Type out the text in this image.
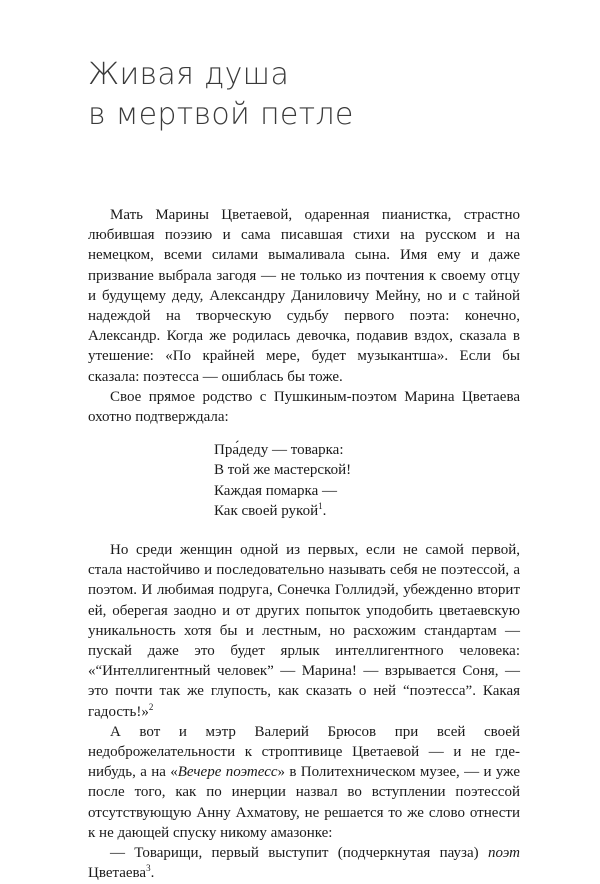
Живая душа
в мертвой петле

Мать Марины Цветаевой, одаренная пианистка, страстно любившая поэзию и сама писавшая стихи на русском и на немецком, всеми силами вымаливала сына. Имя ему и даже призвание выбрала загодя — не только из почтения к своему отцу и будущему деду, Александру Даниловичу Мейну, но и с тайной надеждой на творческую судьбу первого поэта: конечно, Александр. Когда же родилась девочка, подавив вздох, сказала в утешение: «По крайней мере, будет музыкантша». Если бы сказала: поэтесса — ошиблась бы тоже.

Свое прямое родство с Пушкиным-поэтом Марина Цветаева охотно подтверждала:

Пра́деду — товарка:
В той же мастерской!
Каждая помарка —
Как своей рукой$^1$.

Но среди женщин одной из первых, если не самой первой, стала настойчиво и последовательно называть себя не поэтессой, а поэтом. И любимая подруга, Сонечка Голлидэй, убежденно вторит ей, оберегая заодно и от других попыток уподобить цветаевскую уникальность хотя бы и лестным, но расхожим стандартам — пускай даже это будет ярлык интеллигентного человека: «“Интеллигентный человек” — Марина! — взрывается Соня, — это почти так же глупость, как сказать о ней “поэтесса”. Какая гадость!»$^2$

А вот и мэтр Валерий Брюсов при всей своей недоброжелательности к строптивице Цветаевой — и не где-нибудь, а на «Вечере поэтесс» в Политехническом музее, — и уже после того, как по инерции назвал во вступлении поэтессой отсутствующую Анну Ахматову, не решается то же слово отнести к не дающей спуску никому амазонке:

— Товарищи, первый выступит (подчеркнутая пауза) поэт Цветаева$^3$.
